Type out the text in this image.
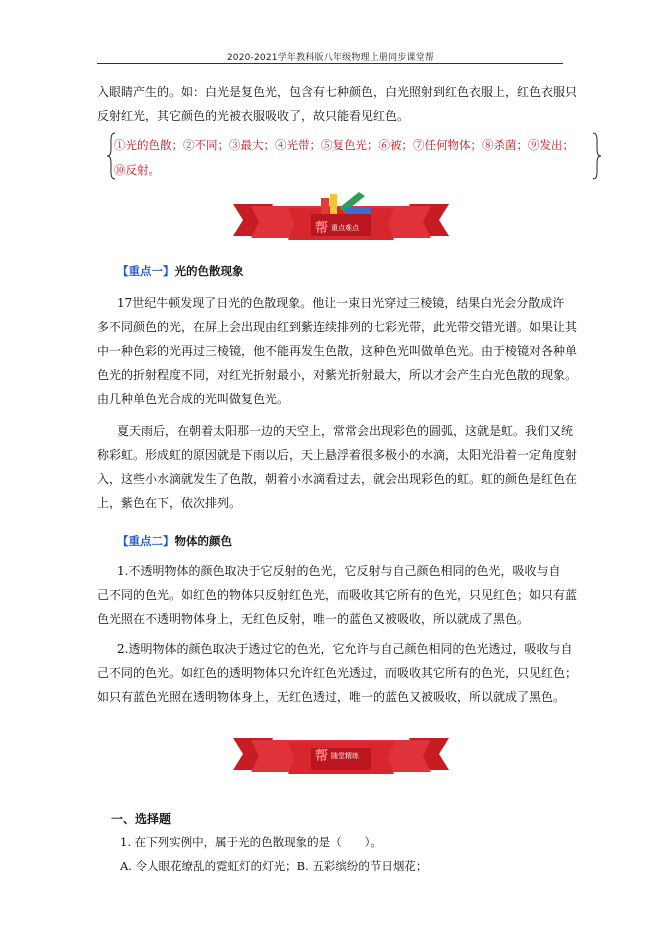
2020-2021学年教科版八年级物理上册同步课堂帮

入眼睛产生的。如：白光是复色光，包含有七种颜色，白光照射到红色衣服上，红色衣服只
反射红光，其它颜色的光被衣服吸收了，故只能看见红色。

①光的色散；②不同；③最大；④光带；⑤复色光；⑥被；⑦任何物体；⑧杀菌；⑨发出；
⑩反射。
帮 重点难点
【重点一】光的色散现象

17世纪牛顿发现了日光的色散现象。他让一束日光穿过三棱镜，结果白光会分散成许

多不同颜色的光，在屏上会出现由红到紫连续排列的七彩光带，此光带交错光谱。如果让其
中一种色彩的光再过三棱镜，他不能再发生色散，这种色光叫做单色光。由于棱镜对各种单
色光的折射程度不同，对红光折射最小，对紫光折射最大，所以才会产生白光色散的现象。
由几种单色光合成的光叫做复色光。

夏天雨后，在朝着太阳那一边的天空上，常常会出现彩色的圆弧，这就是虹。我们又统

称彩虹。形成虹的原因就是下雨以后，天上悬浮着很多极小的水滴，太阳光沿着一定角度射
入，这些小水滴就发生了色散，朝着小水滴看过去，就会出现彩色的虹。虹的颜色是红色在
上，紫色在下，依次排列。

【重点二】物体的颜色

1.不透明物体的颜色取决于它反射的色光，它反射与自己颜色相同的色光，吸收与自

己不同的色光。如红色的物体只反射红色光，而吸收其它所有的色光，只见红色；如只有蓝
色光照在不透明物体身上，无红色反射，唯一的蓝色又被吸收，所以就成了黑色。

2.透明物体的颜色取决于透过它的色光，它允许与自己颜色相同的色光透过，吸收与自

己不同的色光。如红色的透明物体只允许红色光透过，而吸收其它所有的色光，只见红色；
如只有蓝色光照在透明物体身上，无红色透过，唯一的蓝色又被吸收，所以就成了黑色。

帮 随堂精练
一、选择题
1. 在下列实例中，属于光的色散现象的是（　　）。
A. 令人眼花缭乱的霓虹灯的灯光；B. 五彩缤纷的节日烟花；
